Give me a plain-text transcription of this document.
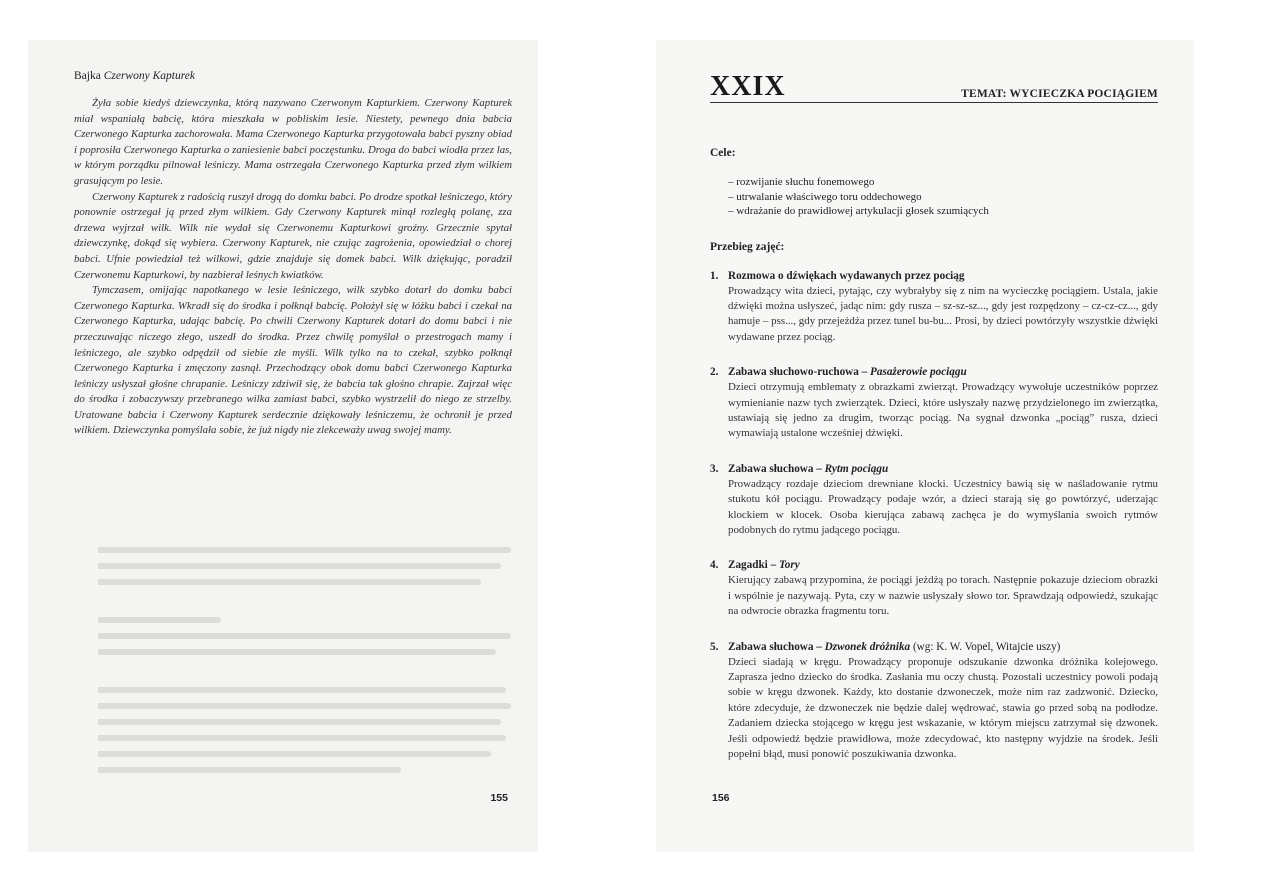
Bajka Czerwony Kapturek

Żyła sobie kiedyś dziewczynka, którą nazywano Czerwonym Kapturkiem. Czerwony Kapturek miał wspaniałą babcię, która mieszkała w pobliskim lesie. Niestety, pewnego dnia babcia Czerwonego Kapturka zachorowała. Mama Czerwonego Kapturka przygotowała babci pyszny obiad i poprosiła Czerwonego Kapturka o zaniesienie babci poczęstunku. Droga do babci wiodła przez las, w którym porządku pilnował leśniczy. Mama ostrzegała Czerwonego Kapturka przed złym wilkiem grasującym po lesie.

Czerwony Kapturek z radością ruszył drogą do domku babci. Po drodze spotkał leśniczego, który ponownie ostrzegał ją przed złym wilkiem. Gdy Czerwony Kapturek minął rozległą polanę, zza drzewa wyjrzał wilk. Wilk nie wydał się Czerwonemu Kapturkowi groźny. Grzecznie spytał dziewczynkę, dokąd się wybiera. Czerwony Kapturek, nie czując zagrożenia, opowiedział o chorej babci. Ufnie powiedział też wilkowi, gdzie znajduje się domek babci. Wilk dziękując, poradził Czerwonemu Kapturkowi, by nazbierał leśnych kwiatków.

Tymczasem, omijając napotkanego w lesie leśniczego, wilk szybko dotarł do domku babci Czerwonego Kapturka. Wkradł się do środka i połknął babcię. Położył się w łóżku babci i czekał na Czerwonego Kapturka, udając babcię. Po chwili Czerwony Kapturek dotarł do domu babci i nie przeczuwając niczego złego, uszedł do środka. Przez chwilę pomyślał o przestrogach mamy i leśniczego, ale szybko odpędził od siebie złe myśli. Wilk tylko na to czekał, szybko połknął Czerwonego Kapturka i zmęczony zasnął. Przechodzący obok domu babci Czerwonego Kapturka leśniczy usłyszał głośne chrapanie. Leśniczy zdziwił się, że babcia tak głośno chrapie. Zajrzał więc do środka i zobaczywszy przebranego wilka zamiast babci, szybko wystrzelił do niego ze strzelby. Uratowane babcia i Czerwony Kapturek serdecznie dziękowały leśniczemu, że ochronił je przed wilkiem. Dziewczynka pomyślała sobie, że już nigdy nie zlekceważy uwag swojej mamy.

155
XXIX	TEMAT: WYCIECZKA POCIĄGIEM
Cele:
– rozwijanie słuchu fonemowego
– utrwalanie właściwego toru oddechowego
– wdrażanie do prawidłowej artykulacji głosek szumiących
Przebieg zajęć:
1. Rozmowa o dźwiękach wydawanych przez pociąg

Prowadzący wita dzieci, pytając, czy wybrałyby się z nim na wycieczkę pociągiem. Ustala, jakie dźwięki można usłyszeć, jadąc nim: gdy rusza – sz-sz-sz..., gdy jest rozpędzony – cz-cz-cz..., gdy hamuje – pss..., gdy przejeżdża przez tunel bu-bu... Prosi, by dzieci powtórzyły wszystkie dźwięki wydawane przez pociąg.

2. Zabawa słuchowo-ruchowa – Pasażerowie pociągu

Dzieci otrzymują emblematy z obrazkami zwierząt. Prowadzący wywołuje uczestników poprzez wymienianie nazw tych zwierzątek. Dzieci, które usłyszały nazwę przydzielonego im zwierzątka, ustawiają się jedno za drugim, tworząc pociąg. Na sygnał dzwonka „pociąg” rusza, dzieci wymawiają ustalone wcześniej dźwięki.

3. Zabawa słuchowa – Rytm pociągu

Prowadzący rozdaje dzieciom drewniane klocki. Uczestnicy bawią się w naśladowanie rytmu stukotu kół pociągu. Prowadzący podaje wzór, a dzieci starają się go powtórzyć, uderzając klockiem w klocek. Osoba kierująca zabawą zachęca je do wymyślania swoich rytmów podobnych do rytmu jadącego pociągu.

4. Zagadki – Tory

Kierujący zabawą przypomina, że pociągi jeżdżą po torach. Następnie pokazuje dzieciom obrazki i wspólnie je nazywają. Pyta, czy w nazwie usłyszały słowo tor. Sprawdzają odpowiedź, szukając na odwrocie obrazka fragmentu toru.

5. Zabawa słuchowa – Dzwonek dróżnika (wg: K. W. Vopel, Witajcie uszy)

Dzieci siadają w kręgu. Prowadzący proponuje odszukanie dzwonka dróżnika kolejowego. Zaprasza jedno dziecko do środka. Zasłania mu oczy chustą. Pozostali uczestnicy powoli podają sobie w kręgu dzwonek. Każdy, kto dostanie dzwoneczek, może nim raz zadzwonić. Dziecko, które zdecyduje, że dzwoneczek nie będzie dalej wędrować, stawia go przed sobą na podłodze. Zadaniem dziecka stojącego w kręgu jest wskazanie, w którym miejscu zatrzymał się dzwonek. Jeśli odpowiedź będzie prawidłowa, może zdecydować, kto następny wyjdzie na środek. Jeśli popełni błąd, musi ponowić poszukiwania dzwonka.

156
